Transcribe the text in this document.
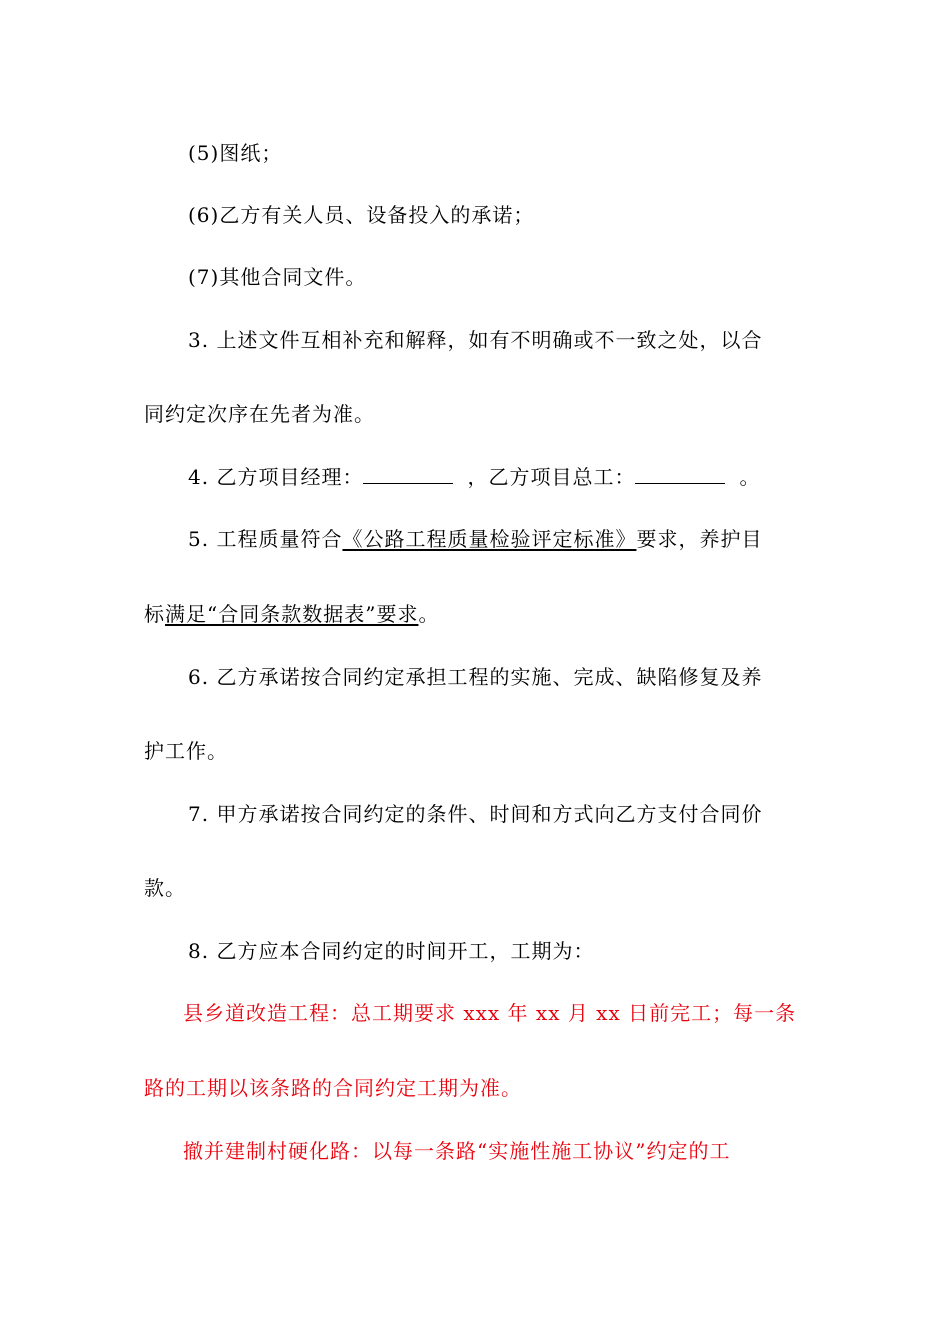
(5)图纸；
(6)乙方有关人员、设备投入的承诺；
(7)其他合同文件。
3. 上述文件互相补充和解释，如有不明确或不一致之处，以合
同约定次序在先者为准。
4. 乙方项目经理：	，乙方项目总工：	。
5. 工程质量符合《公路工程质量检验评定标准》要求，养护目
标满足“合同条款数据表”要求。
6. 乙方承诺按合同约定承担工程的实施、完成、缺陷修复及养
护工作。
7. 甲方承诺按合同约定的条件、时间和方式向乙方支付合同价
款。
8. 乙方应本合同约定的时间开工，工期为：
县乡道改造工程：总工期要求 xxx 年 xx 月 xx 日前完工；每一条
路的工期以该条路的合同约定工期为准。
撤并建制村硬化路：以每一条路“实施性施工协议”约定的工
